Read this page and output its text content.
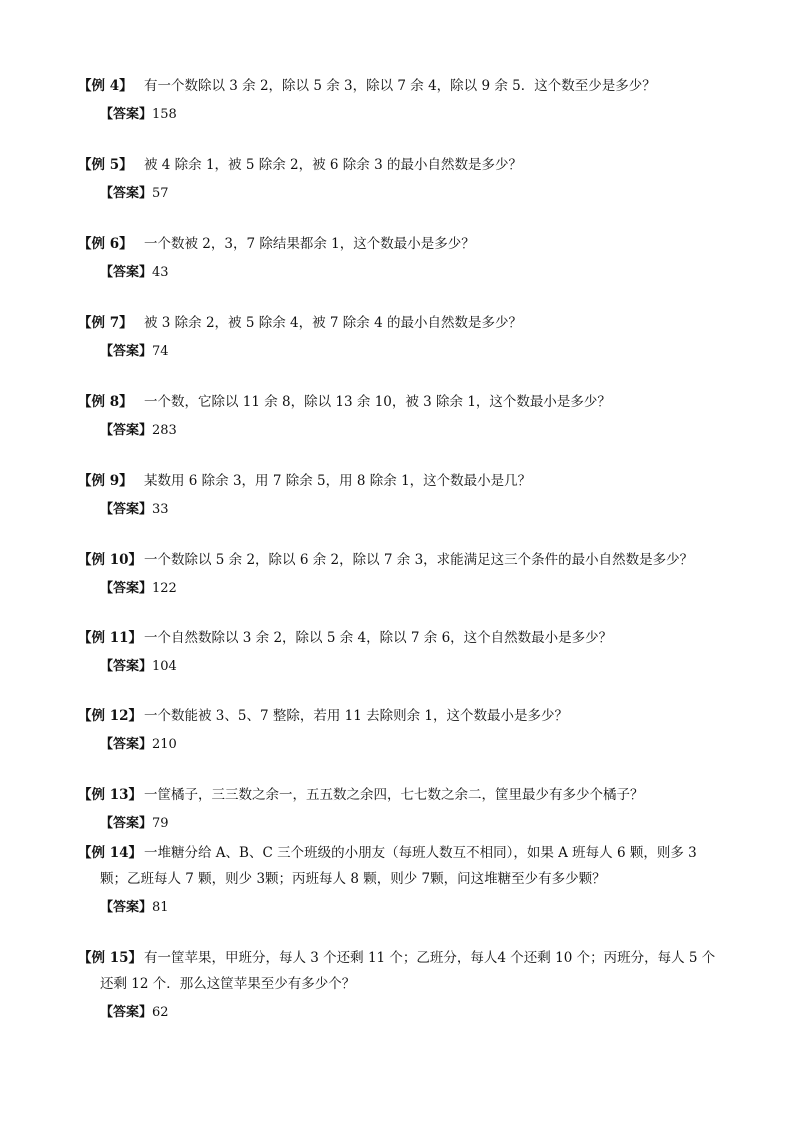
【例 4】 有一个数除以 3 余 2，除以 5 余 3，除以 7 余 4，除以 9 余 5．这个数至少是多少？

【答案】158

【例 5】 被 4 除余 1，被 5 除余 2，被 6 除余 3 的最小自然数是多少？

【答案】57

【例 6】 一个数被 2，3，7 除结果都余 1，这个数最小是多少？

【答案】43

【例 7】 被 3 除余 2，被 5 除余 4，被 7 除余 4 的最小自然数是多少？

【答案】74

【例 8】 一个数，它除以 11 余 8，除以 13 余 10，被 3 除余 1，这个数最小是多少？

【答案】283

【例 9】 某数用 6 除余 3，用 7 除余 5，用 8 除余 1，这个数最小是几？

【答案】33

【例 10】 一个数除以 5 余 2，除以 6 余 2，除以 7 余 3，求能满足这三个条件的最小自然数是多少？

【答案】122

【例 11】 一个自然数除以 3 余 2，除以 5 余 4，除以 7 余 6，这个自然数最小是多少？

【答案】104

【例 12】 一个数能被 3、5、7 整除，若用 11 去除则余 1，这个数最小是多少？

【答案】210

【例 13】 一筐橘子，三三数之余一，五五数之余四，七七数之余二，筐里最少有多少个橘子？

【答案】79

【例 14】 一堆糖分给 A、B、C 三个班级的小朋友（每班人数互不相同），如果 A 班每人 6 颗，则多 3
颗；乙班每人 7 颗，则少 3颗；丙班每人 8 颗，则少 7颗，问这堆糖至少有多少颗？

【答案】81

【例 15】 有一筐苹果，甲班分，每人 3 个还剩 11 个；乙班分，每人4 个还剩 10 个；丙班分，每人 5 个
还剩 12 个．那么这筐苹果至少有多少个？

【答案】62
